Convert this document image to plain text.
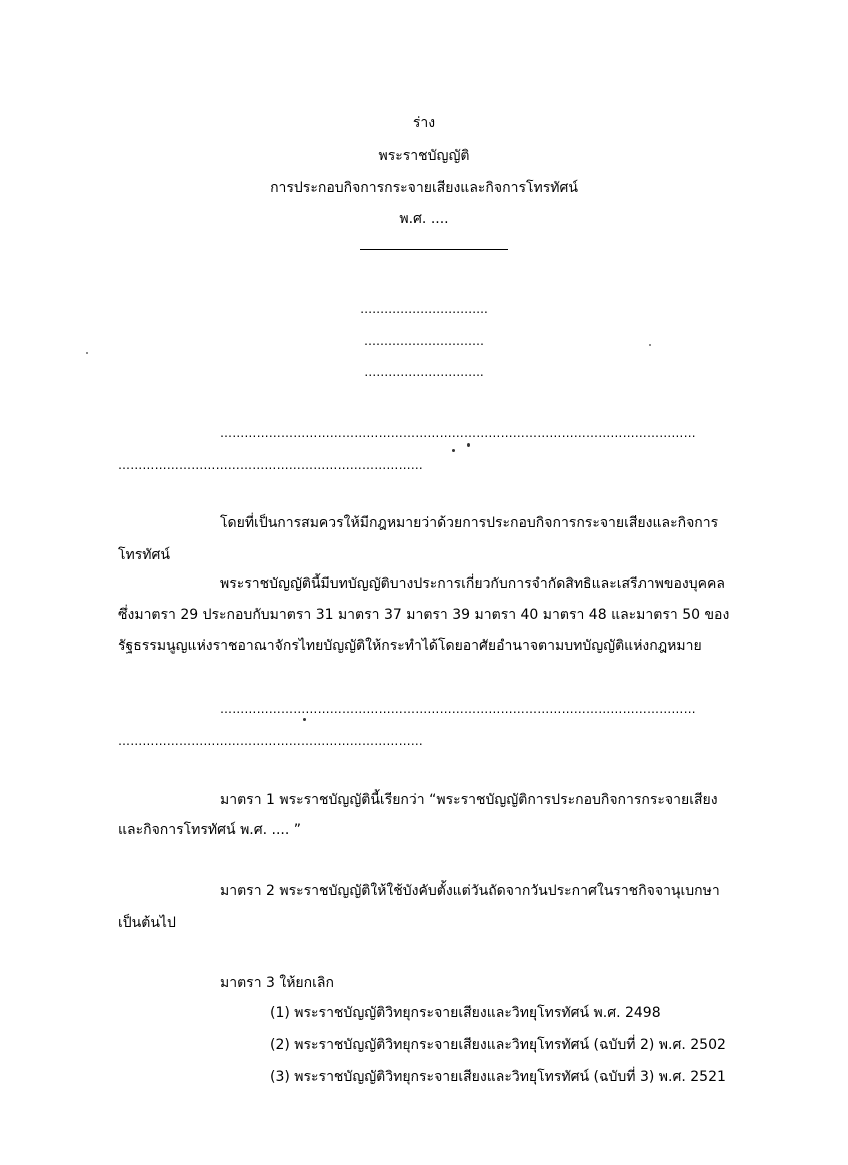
ร่าง
พระราชบัญญัติ
การประกอบกิจการกระจายเสียงและกิจการโทรทัศน์
พ.ศ. ....
…………………………..
…………………………
…………………….…..
………………………………………………………………………………………………………
…………………………………………………………………
โดยที่เป็นการสมควรให้มีกฎหมายว่าด้วยการประกอบกิจการกระจายเสียงและกิจการ
โทรทัศน์
พระราชบัญญัตินี้มีบทบัญญัติบางประการเกี่ยวกับการจำกัดสิทธิและเสรีภาพของบุคคล
ซึ่งมาตรา 29 ประกอบกับมาตรา 31 มาตรา 37 มาตรา 39 มาตรา 40 มาตรา 48 และมาตรา 50 ของ
รัฐธรรมนูญแห่งราชอาณาจักรไทยบัญญัติให้กระทำได้โดยอาศัยอำนาจตามบทบัญญัติแห่งกฎหมาย
………………………………………………………………………………………………………
…………………………………………………………………
มาตรา 1 พระราชบัญญัตินี้เรียกว่า “พระราชบัญญัติการประกอบกิจการกระจายเสียง
และกิจการโทรทัศน์ พ.ศ. .... ”
มาตรา 2 พระราชบัญญัติให้ใช้บังคับตั้งแต่วันถัดจากวันประกาศในราชกิจจานุเบกษา
เป็นต้นไป
มาตรา 3 ให้ยกเลิก
(1) พระราชบัญญัติวิทยุกระจายเสียงและวิทยุโทรทัศน์ พ.ศ. 2498
(2) พระราชบัญญัติวิทยุกระจายเสียงและวิทยุโทรทัศน์ (ฉบับที่ 2) พ.ศ. 2502
(3) พระราชบัญญัติวิทยุกระจายเสียงและวิทยุโทรทัศน์ (ฉบับที่ 3) พ.ศ. 2521
